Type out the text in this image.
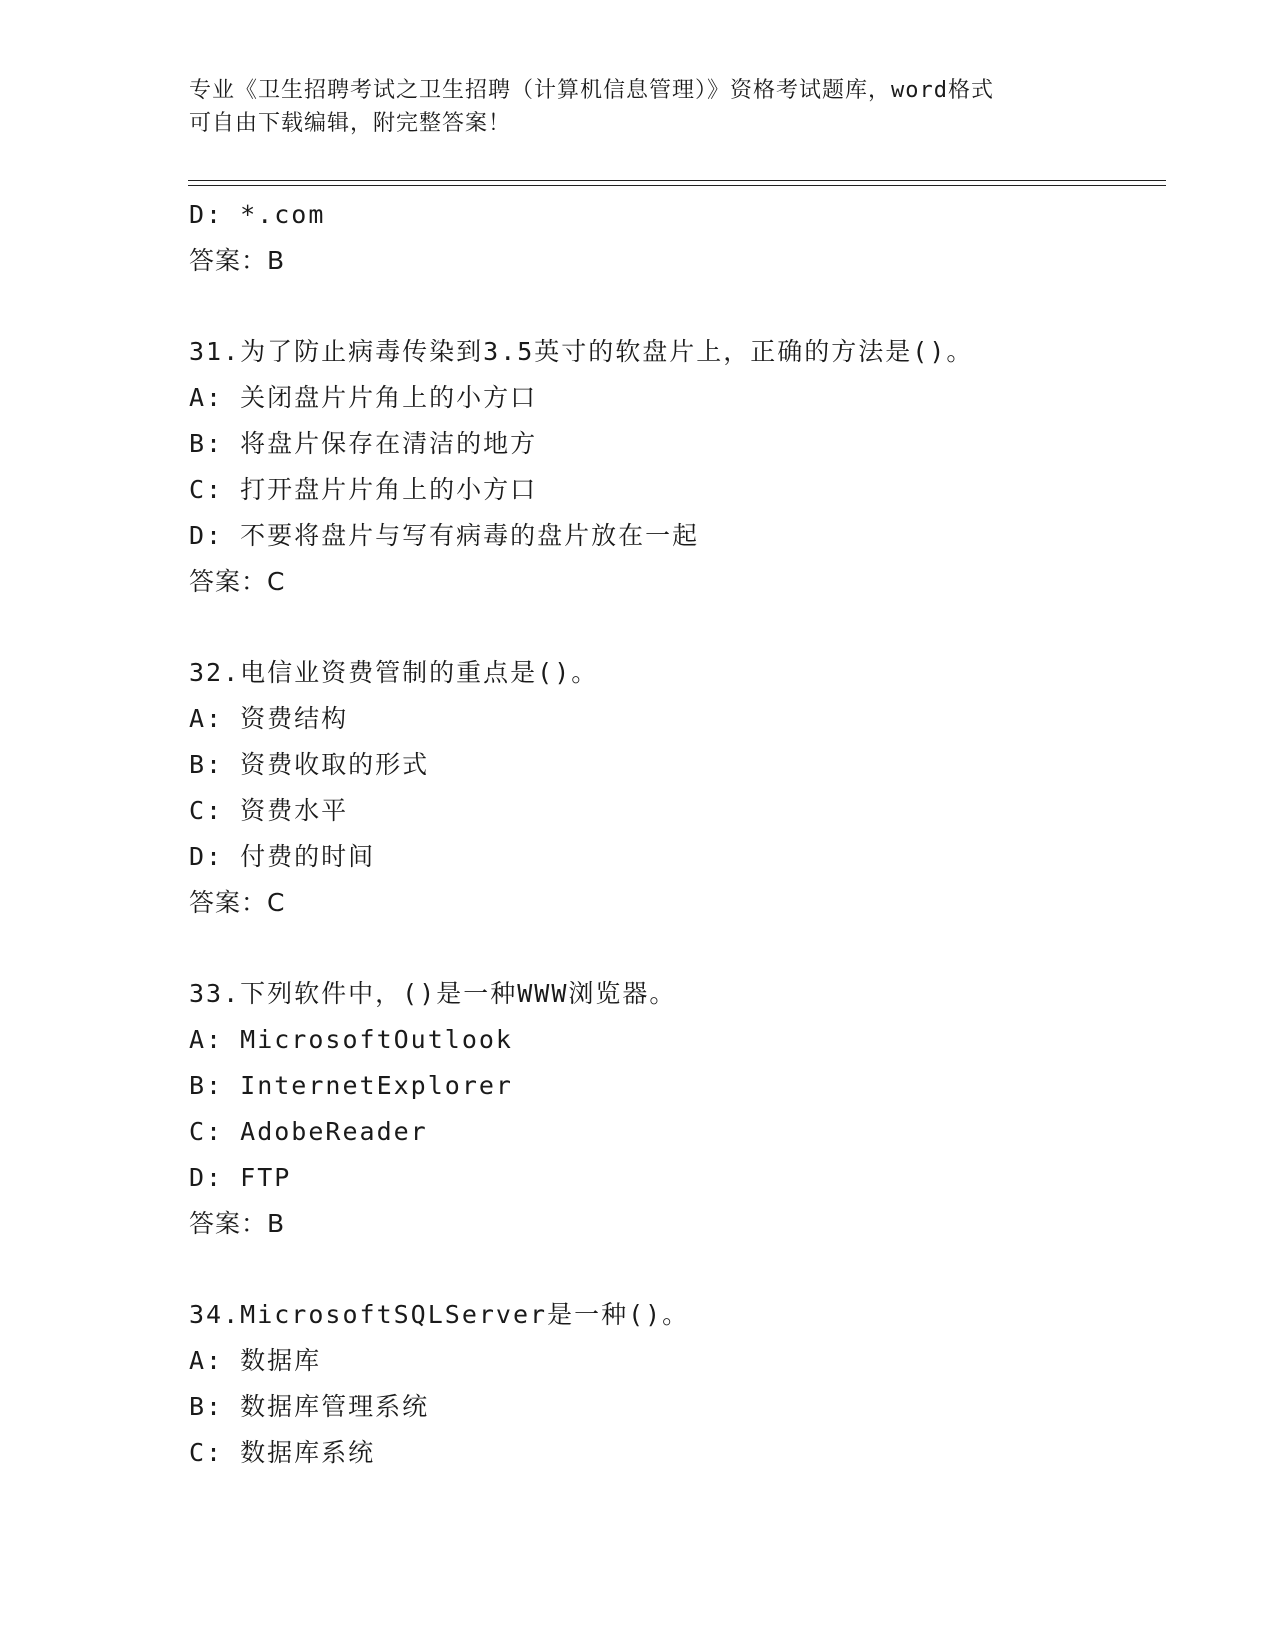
专业《卫生招聘考试之卫生招聘（计算机信息管理）》资格考试题库，word格式
可自由下载编辑，附完整答案！
D: *.com
答案：B
31.为了防止病毒传染到3.5英寸的软盘片上，正确的方法是()。
A: 关闭盘片片角上的小方口
B: 将盘片保存在清洁的地方
C: 打开盘片片角上的小方口
D: 不要将盘片与写有病毒的盘片放在一起
答案：C
32.电信业资费管制的重点是()。
A: 资费结构
B: 资费收取的形式
C: 资费水平
D: 付费的时间
答案：C
33.下列软件中，()是一种WWW浏览器。
A: MicrosoftOutlook
B: InternetExplorer
C: AdobeReader
D: FTP
答案：B
34.MicrosoftSQLServer是一种()。
A: 数据库
B: 数据库管理系统
C: 数据库系统
